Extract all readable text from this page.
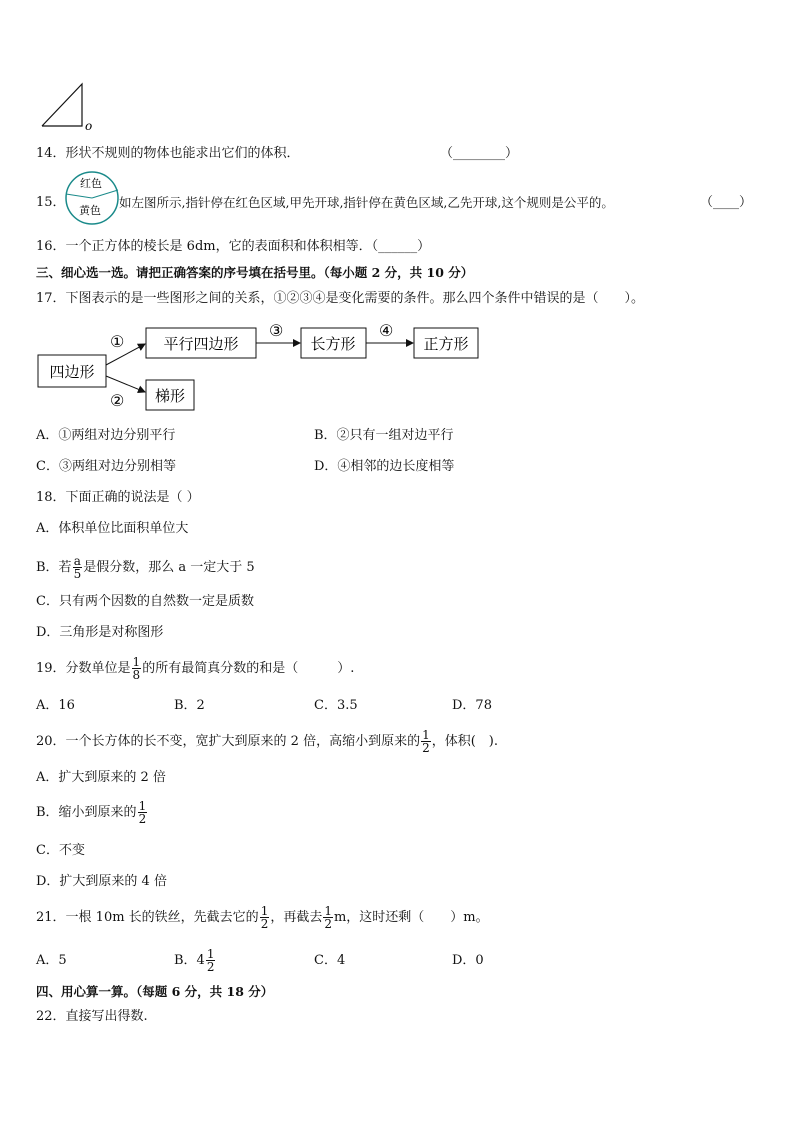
o
14．形状不规则的物体也能求出它们的体积．	（________）
15．
红色
黄色
如左图所示,指针停在红色区域,甲先开球,指针停在黄色区域,乙先开球,这个规则是公平的。	（____）
16．一个正方体的棱长是 6dm，它的表面积和体积相等．（______）
三、细心选一选。请把正确答案的序号填在括号里。（每小题 2 分，共 10 分）
17．下图表示的是一些图形之间的关系，①②③④是变化需要的条件。那么四个条件中错误的是（　　）。
四边形
平行四边形	长方形	正方形
梯形
①
②
③	④
A．①两组对边分别平行	B．②只有一组对边平行
C．③两组对边分别相等	D．④相邻的边长度相等
18．下面正确的说法是（ ）
A．体积单位比面积单位大
B．若 $\frac{a}{5}$ 是假分数，那么 a 一定大于 5
C．只有两个因数的自然数一定是质数
D．三角形是对称图形
19．分数单位是 $\frac{1}{8}$ 的所有最简真分数的和是（　　　）.
A．16	B．2	C．3.5	D．78
20．一个长方体的长不变，宽扩大到原来的 2 倍，高缩小到原来的 $\frac{1}{2}$ ，体积(　).
A．扩大到原来的 2 倍
B．缩小到原来的 $\frac{1}{2}$
C．不变
D．扩大到原来的 4 倍
21．一根 10m 长的铁丝，先截去它的 $\frac{1}{2}$ ，再截去 $\frac{1}{2}$ m，这时还剩（　　）m。
A．5	B．$4 \frac{1}{2}$	C．4	D．0
四、用心算一算。（每题 6 分，共 18 分）
22．直接写出得数.
